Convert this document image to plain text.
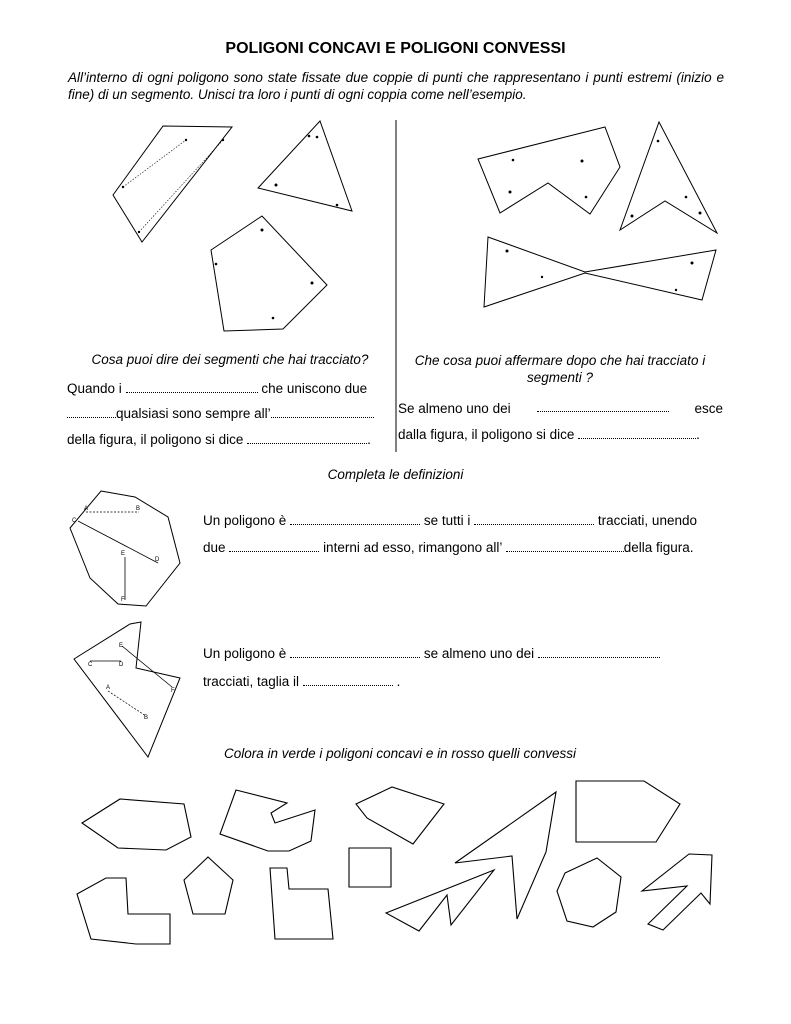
POLIGONI CONCAVI E POLIGONI CONVESSI
All’interno di ogni poligono sono state fissate due coppie di punti che rappresentano i punti estremi (inizio e fine) di un segmento. Unisci tra loro i punti di ogni coppia come nell’esempio.
A	B
C
D
E
F
E
C	D
A	F
B
Cosa puoi dire dei segmenti che hai tracciato?
Quando i	che uniscono due
qualsiasi sono sempre all’
della figura, il poligono si dice	.
Che cosa puoi affermare dopo che hai tracciato i segmenti ?
Se almeno uno dei	esce
dalla figura, il poligono si dice	.
Completa le definizioni
Un poligono è	se tutti i	tracciati, unendo
due	interni ad esso, rimangono all’	della figura.
Un poligono è	se almeno uno dei
tracciati, taglia il	.
Colora in verde i poligoni concavi e in rosso quelli convessi
